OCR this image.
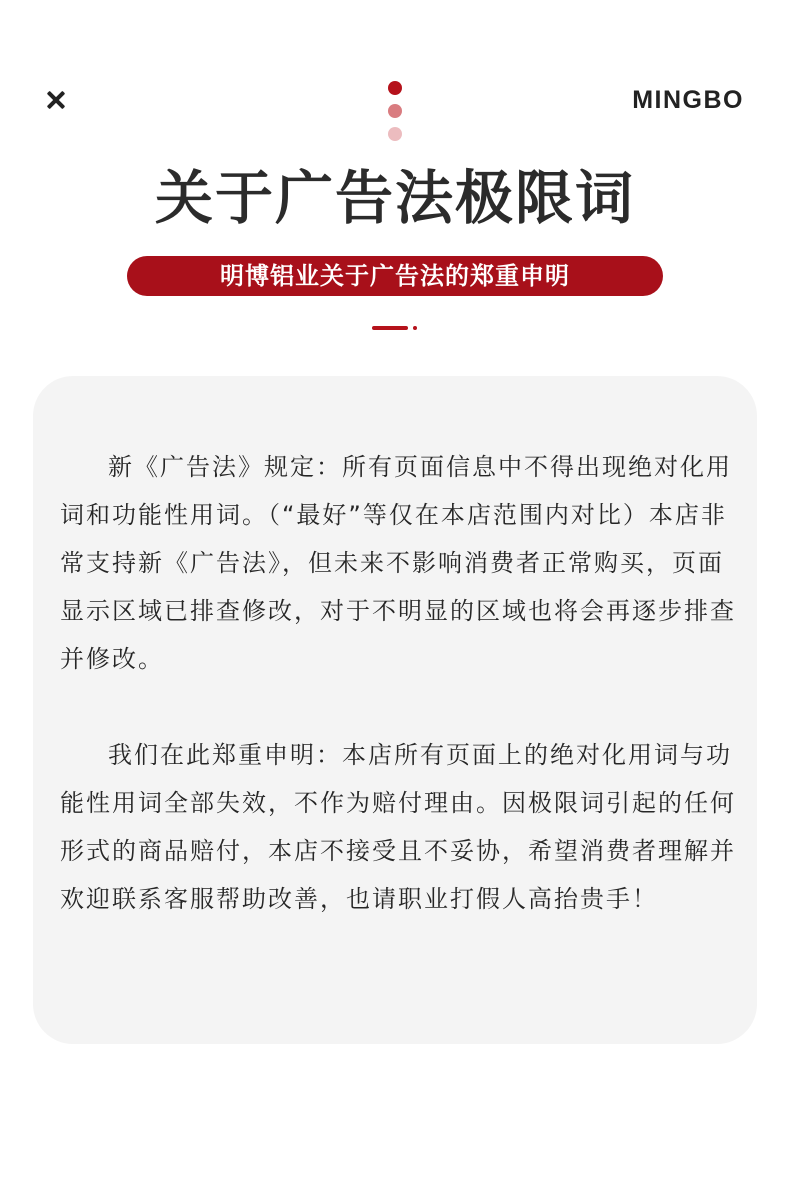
MINGBO
关于广告法极限词
明博铝业关于广告法的郑重申明

新《广告法》规定：所有页面信息中不得出现绝对化用词和功能性用词。（“最好”等仅在本店范围内对比）本店非常支持新《广告法》，但未来不影响消费者正常购买，页面显示区域已排查修改，对于不明显的区域也将会再逐步排查并修改。

我们在此郑重申明：本店所有页面上的绝对化用词与功能性用词全部失效，不作为赔付理由。因极限词引起的任何形式的商品赔付，本店不接受且不妥协，希望消费者理解并欢迎联系客服帮助改善，也请职业打假人高抬贵手！
